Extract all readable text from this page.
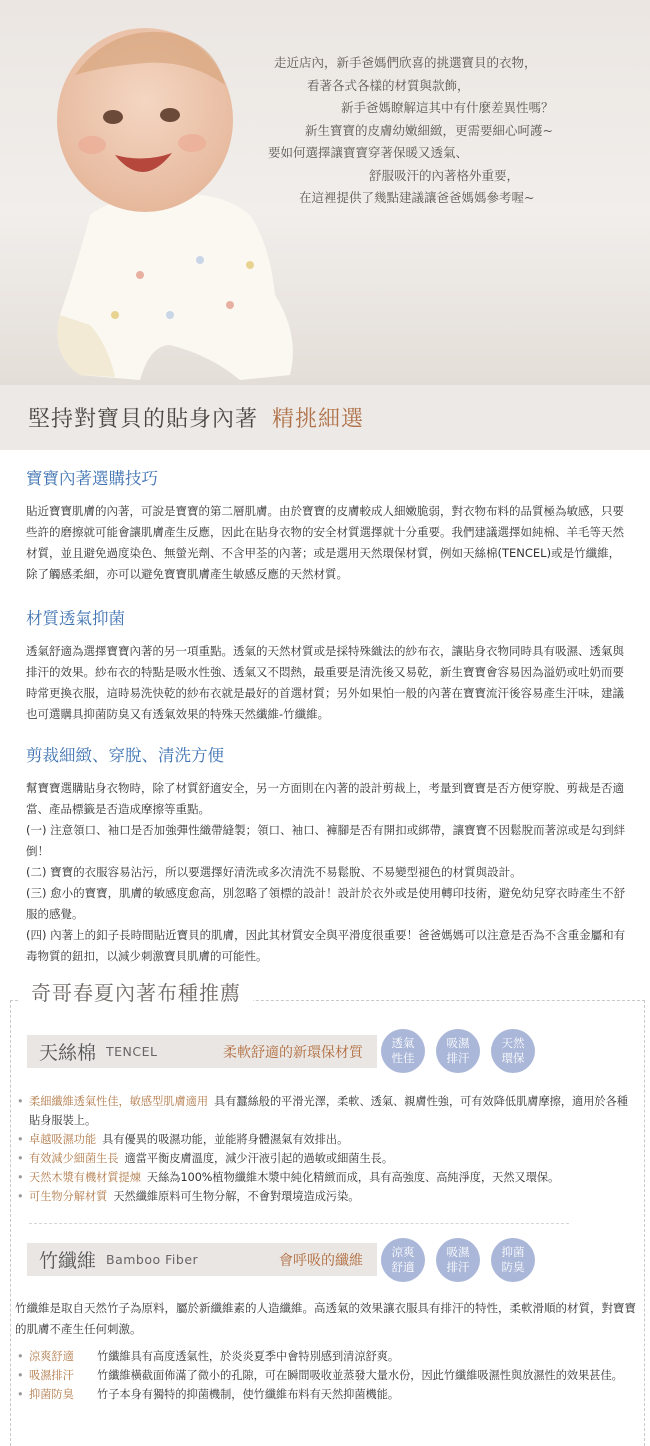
走近店內，新手爸媽們欣喜的挑選寶貝的衣物，

看著各式各樣的材質與款飾，

新手爸媽瞭解這其中有什麼差異性嗎？

新生寶寶的皮膚幼嫩細緻，更需要細心呵護~

要如何選擇讓寶寶穿著保暖又透氣、

舒服吸汗的內著格外重要，

在這裡提供了幾點建議讓爸爸媽媽參考喔~

堅持對寶貝的貼身內著 精挑細選
寶寶內著選購技巧

貼近寶寶肌膚的內著，可說是寶寶的第二層肌膚。由於寶寶的皮膚較成人細嫩脆弱，對衣物布料的品質極為敏感，只要些許的磨擦就可能會讓肌膚產生反應，因此在貼身衣物的安全材質選擇就十分重要。我們建議選擇如純棉、羊毛等天然材質，並且避免過度染色、無螢光劑、不含甲荃的內著；或是選用天然環保材質，例如天絲棉(TENCEL)或是竹纖維，除了觸感柔細，亦可以避免寶寶肌膚產生敏感反應的天然材質。

材質透氣抑菌

透氣舒適為選擇寶寶內著的另一項重點。透氣的天然材質或是採特殊織法的紗布衣，讓貼身衣物同時具有吸濕、透氣與排汗的效果。紗布衣的特點是吸水性強、透氣又不悶熱，最重要是清洗後又易乾，新生寶寶會容易因為溢奶或吐奶而要時常更換衣服，這時易洗快乾的紗布衣就是最好的首選材質；另外如果怕一般的內著在寶寶流汗後容易產生汗味，建議也可選購具抑菌防臭又有透氣效果的特殊天然纖維-竹纖維。

剪裁細緻、穿脫、清洗方便

幫寶寶選購貼身衣物時，除了材質舒適安全，另一方面則在內著的設計剪裁上，考量到寶寶是否方便穿脫、剪裁是否適當、產品標籤是否造成摩擦等重點。

(一) 注意領口、袖口是否加強彈性織帶縫製；領口、袖口、褲腳是否有開扣或綁帶，讓寶寶不因鬆脫而著涼或是勾到絆倒！

(二) 寶寶的衣服容易沾污，所以要選擇好清洗或多次清洗不易鬆脫、不易變型褪色的材質與設計。

(三) 愈小的寶寶，肌膚的敏感度愈高，別忽略了領標的設計！設計於衣外或是使用轉印技術，避免幼兒穿衣時產生不舒服的感覺。

(四) 內著上的釦子長時間貼近寶貝的肌膚，因此其材質安全與平滑度很重要！爸爸媽媽可以注意是否為不含重金屬和有毒物質的鈕扣，以減少刺激寶貝肌膚的可能性。

奇哥春夏內著布種推薦
天絲棉 TENCEL	柔軟舒適的新環保材質
透氣
性佳
吸濕
排汗
天然
環保
• 柔細纖維透氣性佳，敏感型肌膚適用 具有蠶絲般的平滑光澤，柔軟、透氣、親膚性強，可有效降低肌膚摩擦，適用於各種貼身服裝上。
• 卓越吸濕功能 具有優異的吸濕功能，並能將身體濕氣有效排出。
• 有效減少細菌生長 適當平衡皮膚溫度，減少汗液引起的過敏或細菌生長。
• 天然木漿有機材質提煉 天絲為100%植物纖維木漿中純化精緻而成，具有高強度、高純淨度，天然又環保。
• 可生物分解材質 天然纖維原料可生物分解，不會對環境造成污染。
竹纖維 Bamboo Fiber	會呼吸的纖維
涼爽
舒適
吸濕
排汗
抑菌
防臭

竹纖維是取自天然竹子為原料，屬於新纖維素的人造纖維。高透氣的效果讓衣服具有排汗的特性，柔軟滑順的材質，對寶寶的肌膚不產生任何刺激。

• 涼爽舒適 竹纖維具有高度透氣性，於炎炎夏季中會特別感到清涼舒爽。
• 吸濕排汗 竹纖維橫截面佈滿了微小的孔隙，可在瞬間吸收並蒸發大量水份，因此竹纖維吸濕性與放濕性的效果甚佳。
• 抑菌防臭 竹子本身有獨特的抑菌機制，使竹纖維布料有天然抑菌機能。
